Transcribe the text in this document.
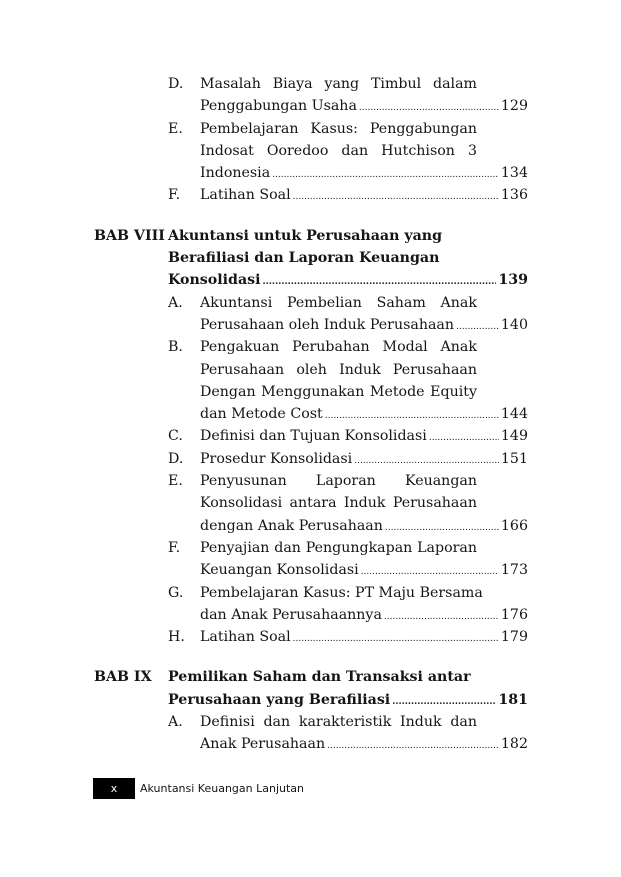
D. Masalah Biaya yang Timbul dalam
Penggabungan Usaha .....	129
E. Pembelajaran Kasus: Penggabungan
Indosat Ooredoo dan Hutchison 3
Indonesia .....	134
F. Latihan Soal .....	136
BAB VIII Akuntansi untuk Perusahaan yang
Berafiliasi dan Laporan Keuangan
Konsolidasi .....	139
A. Akuntansi Pembelian Saham Anak
Perusahaan oleh Induk Perusahaan .....	140
B. Pengakuan Perubahan Modal Anak
Perusahaan oleh Induk Perusahaan
Dengan Menggunakan Metode Equity
dan Metode Cost .....	144
C. Definisi dan Tujuan Konsolidasi .....	149
D. Prosedur Konsolidasi .....	151
E. Penyusunan Laporan Keuangan
Konsolidasi antara Induk Perusahaan
dengan Anak Perusahaan .....	166
F. Penyajian dan Pengungkapan Laporan
Keuangan Konsolidasi .....	173
G. Pembelajaran Kasus: PT Maju Bersama
dan Anak Perusahaannya .....	176
H. Latihan Soal .....	179
BAB IX Pemilikan Saham dan Transaksi antar
Perusahaan yang Berafiliasi .....	181
A. Definisi dan karakteristik Induk dan
Anak Perusahaan .....	182
x	Akuntansi Keuangan Lanjutan
